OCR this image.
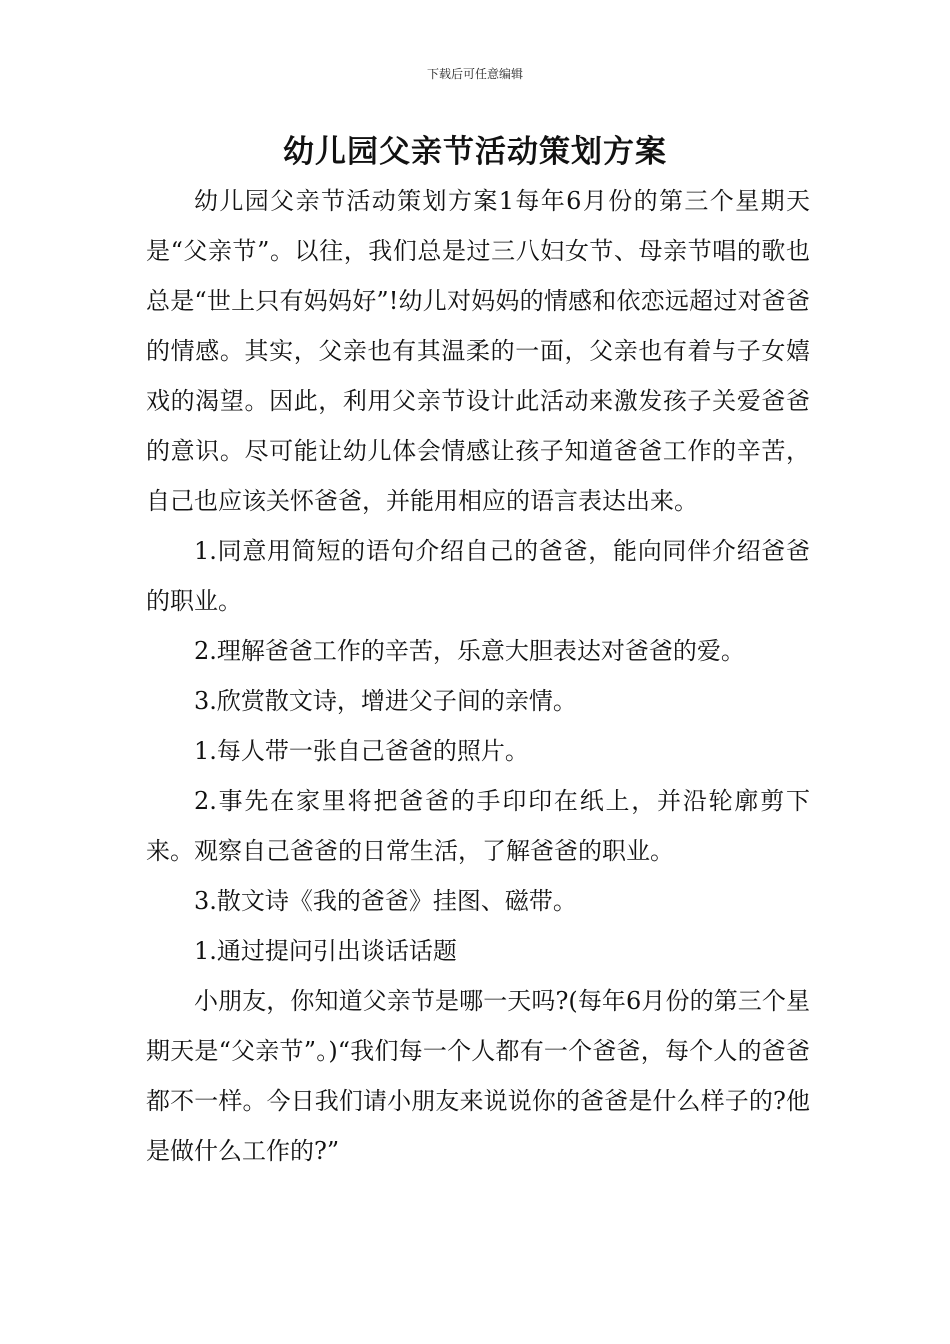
下载后可任意编辑
幼儿园父亲节活动策划方案

幼儿园父亲节活动策划方案1每年6月份的第三个星期天是“父亲节”。以往，我们总是过三八妇女节、母亲节唱的歌也总是“世上只有妈妈好”!幼儿对妈妈的情感和依恋远超过对爸爸的情感。其实，父亲也有其温柔的一面，父亲也有着与子女嬉戏的渴望。因此，利用父亲节设计此活动来激发孩子关爱爸爸的意识。尽可能让幼儿体会情感让孩子知道爸爸工作的辛苦，自己也应该关怀爸爸，并能用相应的语言表达出来。

1.同意用简短的语句介绍自己的爸爸，能向同伴介绍爸爸的职业。

2.理解爸爸工作的辛苦，乐意大胆表达对爸爸的爱。

3.欣赏散文诗，增进父子间的亲情。

1.每人带一张自己爸爸的照片。

2.事先在家里将把爸爸的手印印在纸上，并沿轮廓剪下来。观察自己爸爸的日常生活，了解爸爸的职业。

3.散文诗《我的爸爸》挂图、磁带。

1.通过提问引出谈话话题

小朋友，你知道父亲节是哪一天吗?(每年6月份的第三个星期天是“父亲节”。)“我们每一个人都有一个爸爸，每个人的爸爸都不一样。今日我们请小朋友来说说你的爸爸是什么样子的?他是做什么工作的?”
